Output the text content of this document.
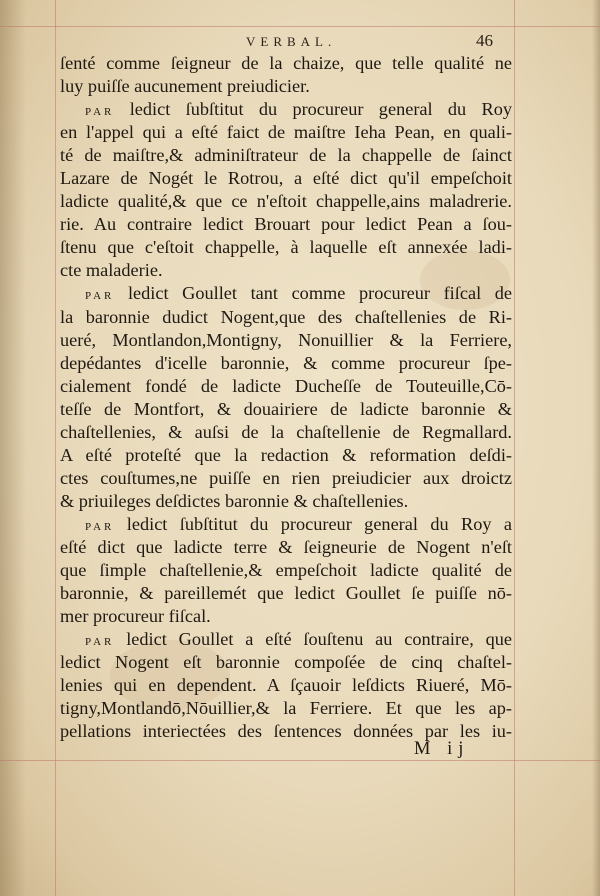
VERBAL.	46
ſenté comme ſeigneur de la chaize, que telle qualité ne
luy puiſſe aucunement preiudicier.
PAR ledict ſubſtitut du procureur general du Roy
en l'appel qui a eſté faict de maiſtre Ieha Pean, en quali-
té de maiſtre,& adminiſtrateur de la chappelle de ſainct
Lazare de Nogét le Rotrou, a eſté dict qu'il empeſchoit
ladicte qualité,& que ce n'eſtoit chappelle,ains maladrerie.
rie. Au contraire ledict Brouart pour ledict Pean a ſou-
ſtenu que c'eſtoit chappelle, à laquelle eſt annexée ladi-
cte maladerie.
PAR ledict Goullet tant comme procureur fiſcal de
la baronnie dudict Nogent,que des chaſtellenies de Ri-
ueré, Montlandon,Montigny, Nonuillier & la Ferriere,
depédantes d'icelle baronnie, & comme procureur ſpe-
cialement fondé de ladicte Ducheſſe de Touteuille,Cō-
teſſe de Montfort, & douairiere de ladicte baronnie &
chaſtellenies, & auſsi de la chaſtellenie de Regmallard.
A eſté proteſté que la redaction & reformation deſdi-
ctes couſtumes,ne puiſſe en rien preiudicier aux droictz
& priuileges deſdictes baronnie & chaſtellenies.
PAR ledict ſubſtitut du procureur general du Roy a
eſté dict que ladicte terre & ſeigneurie de Nogent n'eſt
que ſimple chaſtellenie,& empeſchoit ladicte qualité de
baronnie, & pareillemét que ledict Goullet ſe puiſſe nō-
mer procureur fiſcal.
PAR ledict Goullet a eſté ſouſtenu au contraire, que
ledict Nogent eſt baronnie compoſée de cinq chaſtel-
lenies qui en dependent. A ſçauoir leſdicts Riueré, Mō-
tigny,Montlandō,Nōuillier,& la Ferriere. Et que les ap-
pellations interiectées des ſentences données par les iu-
M ij
